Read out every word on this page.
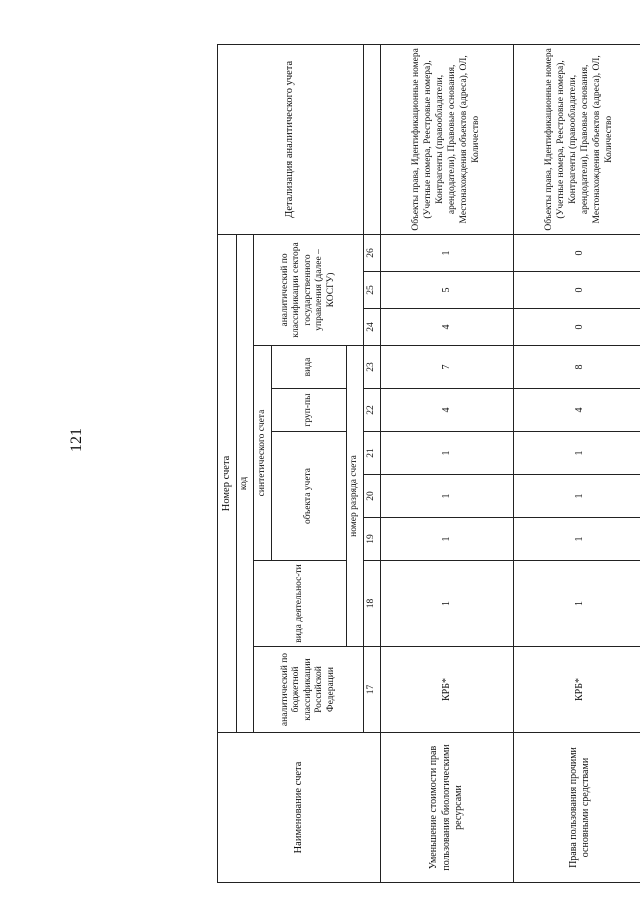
121
Наименование счета	Номер счета										Детализация аналитического учета
	код										
	аналитический по бюджетной классификации Российской Федерации	вида деятельнос-ти	синтетического счета					аналитический по классификации сектора государственного управления (далее – КОСГУ)			
			объекта учета			груп-пы	вида				
		номер разряда счета									
	17	18	19	20	21	22	23	24	25	26	
Уменьшение стоимости прав пользования биологическими ресурсами	КРБ*	1	1	1	1	4	7	4	5	1	Объекты права, Идентификационные номера (Учетные номера, Реестровые номера), Контрагенты (правообладатели, арендодатели), Правовые основания, Местонахождения объектов (адреса), ОЛ, Количество
Права пользования прочими основными средствами	КРБ*	1	1	1	1	4	8	0	0	0	Объекты права, Идентификационные номера (Учетные номера, Реестровые номера), Контрагенты (правообладатели, арендодатели), Правовые основания, Местонахождения объектов (адреса), ОЛ, Количество
